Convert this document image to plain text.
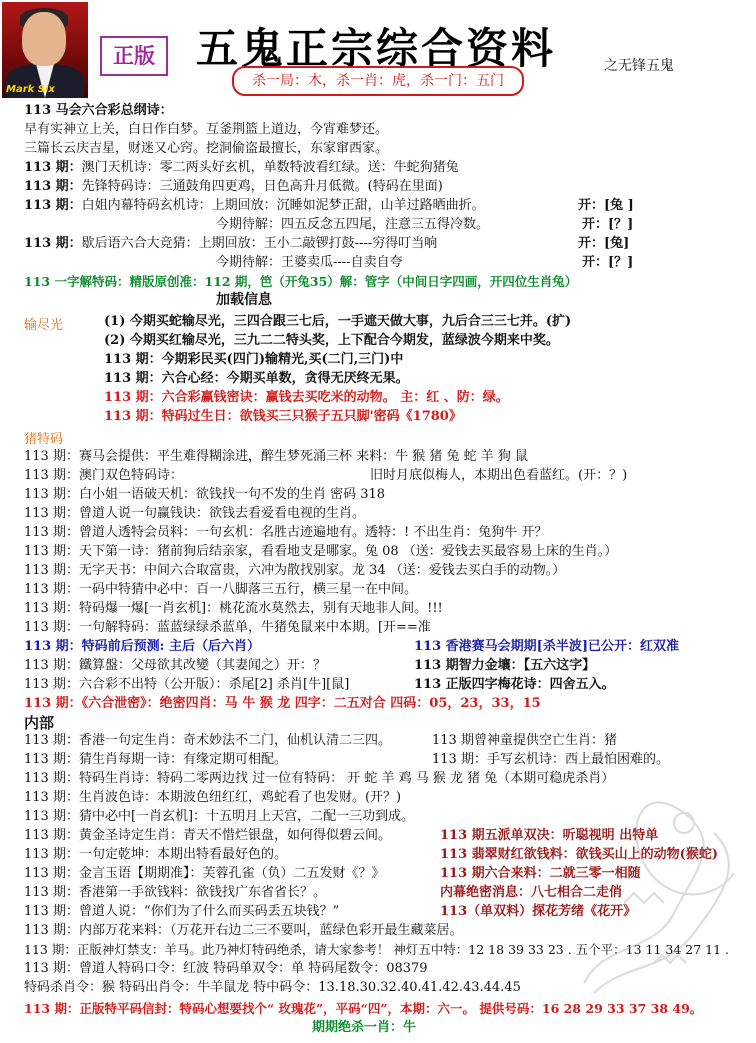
Mark Six
正版 五鬼正宗综合资料	之无锋五鬼
杀一局：木，杀一肖：虎，杀一门：五门
113 马会六合彩总纲诗：
早有实神立上关，白日作白梦。互釜荆篮上道边，今宵难梦还。
三篇长云庆吉星，财迷又心窍。挖洞偷盗最擅长，东家窜西家。
113 期：澳门天机诗：零二两头好玄机，单数特波看红绿。送：牛蛇狗猪兔
113 期：先锋特码诗：三通鼓角四更鸡，日色高升月低微。(特码在里面)
113 期：白姐内幕特码玄机诗：上期回放：沉睡如泥梦正甜，山羊过路晒曲折。	开：[兔 ]
今期待解：四五反念五四尾，注意三五得冷数。	开：[？]
113 期：歇后语六合大竞猜：上期回放：王小二敲锣打鼓----穷得叮当响	开：[兔]
今期待解：王婆卖瓜----自卖自夸	开：[？]
113 一字解特码：精版原创准：112 期，笆（开兔35）解：管字（中间日字四画，开四位生肖兔）
加载信息
输尽光	(1) 今期买蛇输尽光，三四合跟三七后，一手遮天做大事，九后合三三七并。(扩)
(2) 今期买红输尽光，三九二二特头奖，上下配合今期发，蓝绿波今期来中奖。
113 期：今期彩民买(四门)输精光,买(二门,三门)中
113 期：六合心经：今期买单数，贪得无厌终无果。
113 期：六合彩赢钱密诀：赢钱去买吃米的动物。 主：红 、防：绿。
113 期：特码过生日：欲钱买三只猴子五只脚'密码《1780》
猪特码
113 期：赛马会提供：平生难得糊涂进，醉生梦死涌三杯 来料：牛 猴 猪 兔 蛇 羊 狗 鼠
113 期：澳门双色特码诗：	旧时月底似梅人，本期出色看蓝红。(开：？)
113 期：白小姐一语破天机：欲钱找一句不发的生肖 密码 318
113 期：曾道人说一句赢钱诀：欲钱去看爱看电视的生肖。
113 期：曾道人透特会员料：一句玄机：名胜古迹遍地有。透特：! 不出生肖：兔狗牛 开？
113 期：天下第一诗：猪前狗后结亲家，看看地支是哪家。兔 08 （送：爱钱去买最容易上床的生肖。）
113 期：无字天书：中间六合取富贵，六冲为散找别家。龙 34 （送：爱钱去买白手的动物。）
113 期：一码中特猜中必中：百一八脚落三五行，横三星一在中间。
113 期：特码爆一爆[一肖玄机]：桃花流水莫然去，别有天地非人间。!!!
113 期：一句解特码：蓝蓝绿绿杀蓝单，牛猪兔鼠来中本期。[开==准
113 期：特码前后预测: 主后（后六肖）	113 香港赛马会期期[杀半波]已公开：红双准
113 期：鐵算盤：父母欲其改變（其妻闻之）开：？	113 期智力金壤：【五六这字】
113 期：六合彩不出特（公开版）：杀尾[2] 杀肖[牛][鼠]	113 正版四字梅花诗：四舍五入。
113 期：《六合泄密》：绝密四肖：马 牛 猴 龙 四字：二五对合 四码：05，23，33，15
内部
113 期：香港一句定生肖：奇术妙法不二门，仙机认清二三四。	113 期曾神童提供空亡生肖：猪
113 期：猜生肖每期一诗：有缘定期可相配。	113 期：手写玄机诗：西上最怕困难的。
113 期：特码生肖诗：特码二零两边找 过一位有特码： 开 蛇 羊 鸡 马 猴 龙 猪 兔（本期可稳虎杀肖）
113 期：生肖波色诗：本期波色纽红红，鸡蛇看了也发财。(开？)
113 期：猜中必中[一肖玄机]：十五明月上天宫，二配一三功到成。
113 期：黄金圣诗定生肖：青天不惜烂银盘，如何得似碧云间。	113 期五派单双决：听聪视明 出特单
113 期：一句定乾坤：本期出特看最好色的。	113 翡翠财红欲钱料：欲钱买山上的动物(猴蛇)
113 期：金言玉语【期期准】：芙蓉孔雀（负）二五发财《？》	113 期六合来料：二就三零一相随
113 期：香港第一手欲钱料：欲钱找广东省省长？。	内幕绝密消息：八七相合二走俏
113 期：曾道人说：“你们为了什么而买码丢五块钱？”	113（单双料）探花芳绪《花开》
113 期：内部万花来料：（万花开右边二三不要叫，蓝绿色彩开最生藏菜居。
113 期：正版神灯禁支：羊马。此乃神灯特码绝杀，请大家参考！ 神灯五中特：12 18 39 33 23 . 五个平：13 11 34 27 11 .
113 期：曾道人特码口令：红波 特码单双令：单 特码尾数令：08379
特码杀肖令：猴 特码出肖令：牛羊鼠龙 特中码令：13.18.30.32.40.41.42.43.44.45
113 期：正版特平码信封：特码心想要找个“ 玫瑰花”，平码“四”，本期：六一。 提供号码：16 28 29 33 37 38 49。
期期绝杀一肖：牛
